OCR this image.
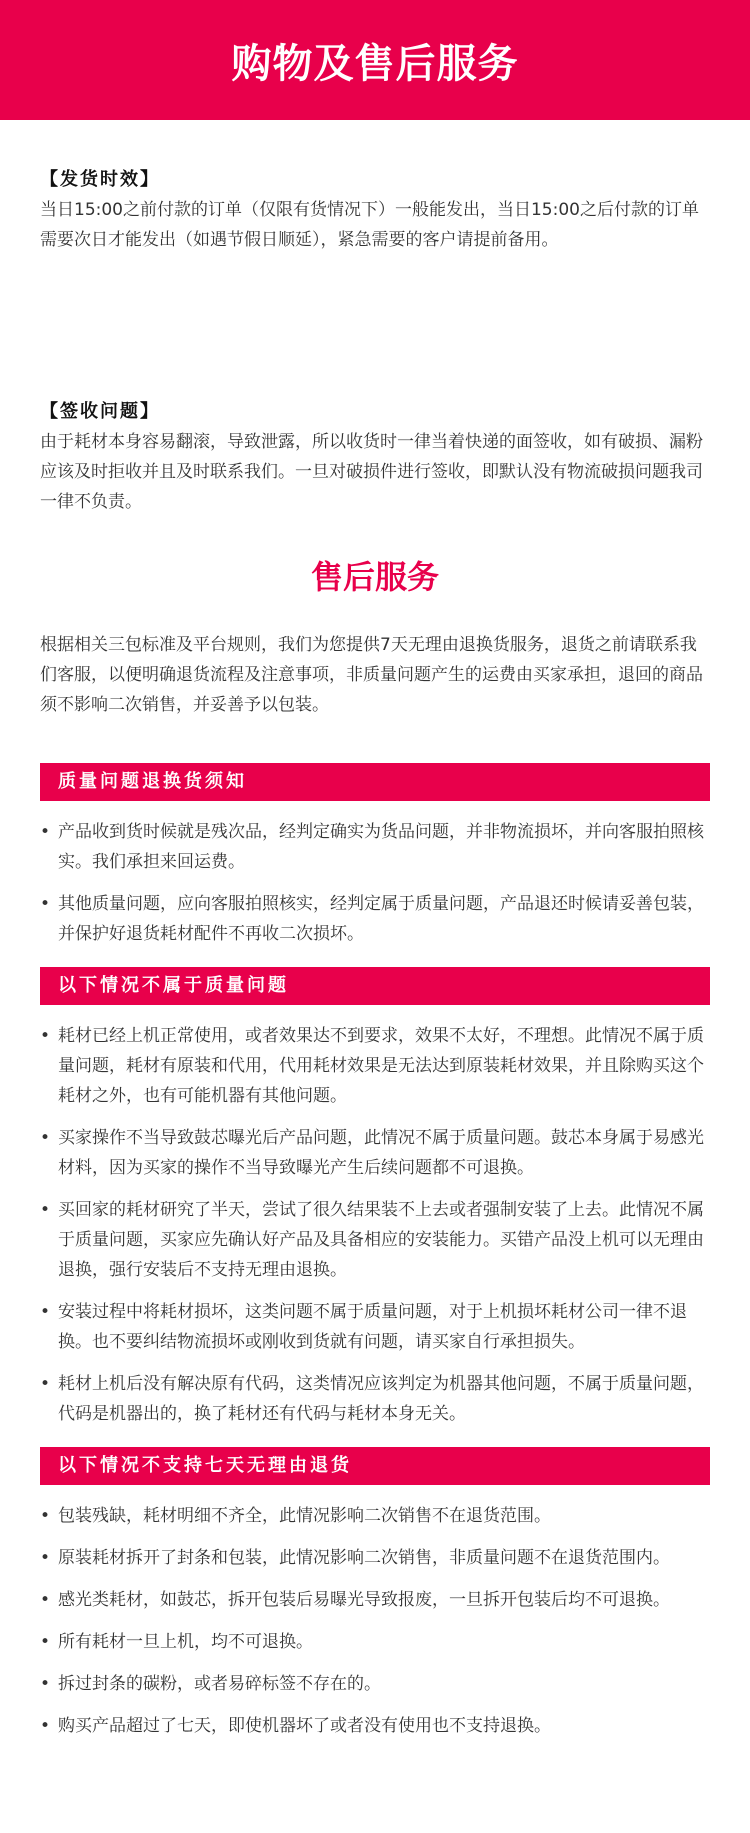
购物及售后服务
【发货时效】

当日15:00之前付款的订单（仅限有货情况下）一般能发出，当日15:00之后付款的订单需要次日才能发出（如遇节假日顺延），紧急需要的客户请提前备用。

【签收问题】

由于耗材本身容易翻滚，导致泄露，所以收货时一律当着快递的面签收，如有破损、漏粉应该及时拒收并且及时联系我们。一旦对破损件进行签收，即默认没有物流破损问题我司一律不负责。

售后服务

根据相关三包标准及平台规则，我们为您提供7天无理由退换货服务，退货之前请联系我们客服，以便明确退货流程及注意事项，非质量问题产生的运费由买家承担，退回的商品须不影响二次销售，并妥善予以包装。

质量问题退换货须知
• 产品收到货时候就是残次品，经判定确实为货品问题，并非物流损坏，并向客服拍照核实。我们承担来回运费。
• 其他质量问题，应向客服拍照核实，经判定属于质量问题，产品退还时候请妥善包装，并保护好退货耗材配件不再收二次损坏。
以下情况不属于质量问题
• 耗材已经上机正常使用，或者效果达不到要求，效果不太好，不理想。此情况不属于质量问题，耗材有原装和代用，代用耗材效果是无法达到原装耗材效果，并且除购买这个耗材之外，也有可能机器有其他问题。
• 买家操作不当导致鼓芯曝光后产品问题，此情况不属于质量问题。鼓芯本身属于易感光材料，因为买家的操作不当导致曝光产生后续问题都不可退换。
• 买回家的耗材研究了半天，尝试了很久结果装不上去或者强制安装了上去。此情况不属于质量问题，买家应先确认好产品及具备相应的安装能力。买错产品没上机可以无理由退换，强行安装后不支持无理由退换。
• 安装过程中将耗材损坏，这类问题不属于质量问题，对于上机损坏耗材公司一律不退换。也不要纠结物流损坏或刚收到货就有问题，请买家自行承担损失。
• 耗材上机后没有解决原有代码，这类情况应该判定为机器其他问题，不属于质量问题，代码是机器出的，换了耗材还有代码与耗材本身无关。
以下情况不支持七天无理由退货
• 包装残缺，耗材明细不齐全，此情况影响二次销售不在退货范围。
• 原装耗材拆开了封条和包装，此情况影响二次销售，非质量问题不在退货范围内。
• 感光类耗材，如鼓芯，拆开包装后易曝光导致报废，一旦拆开包装后均不可退换。
• 所有耗材一旦上机，均不可退换。
• 拆过封条的碳粉，或者易碎标签不存在的。
• 购买产品超过了七天，即使机器坏了或者没有使用也不支持退换。
